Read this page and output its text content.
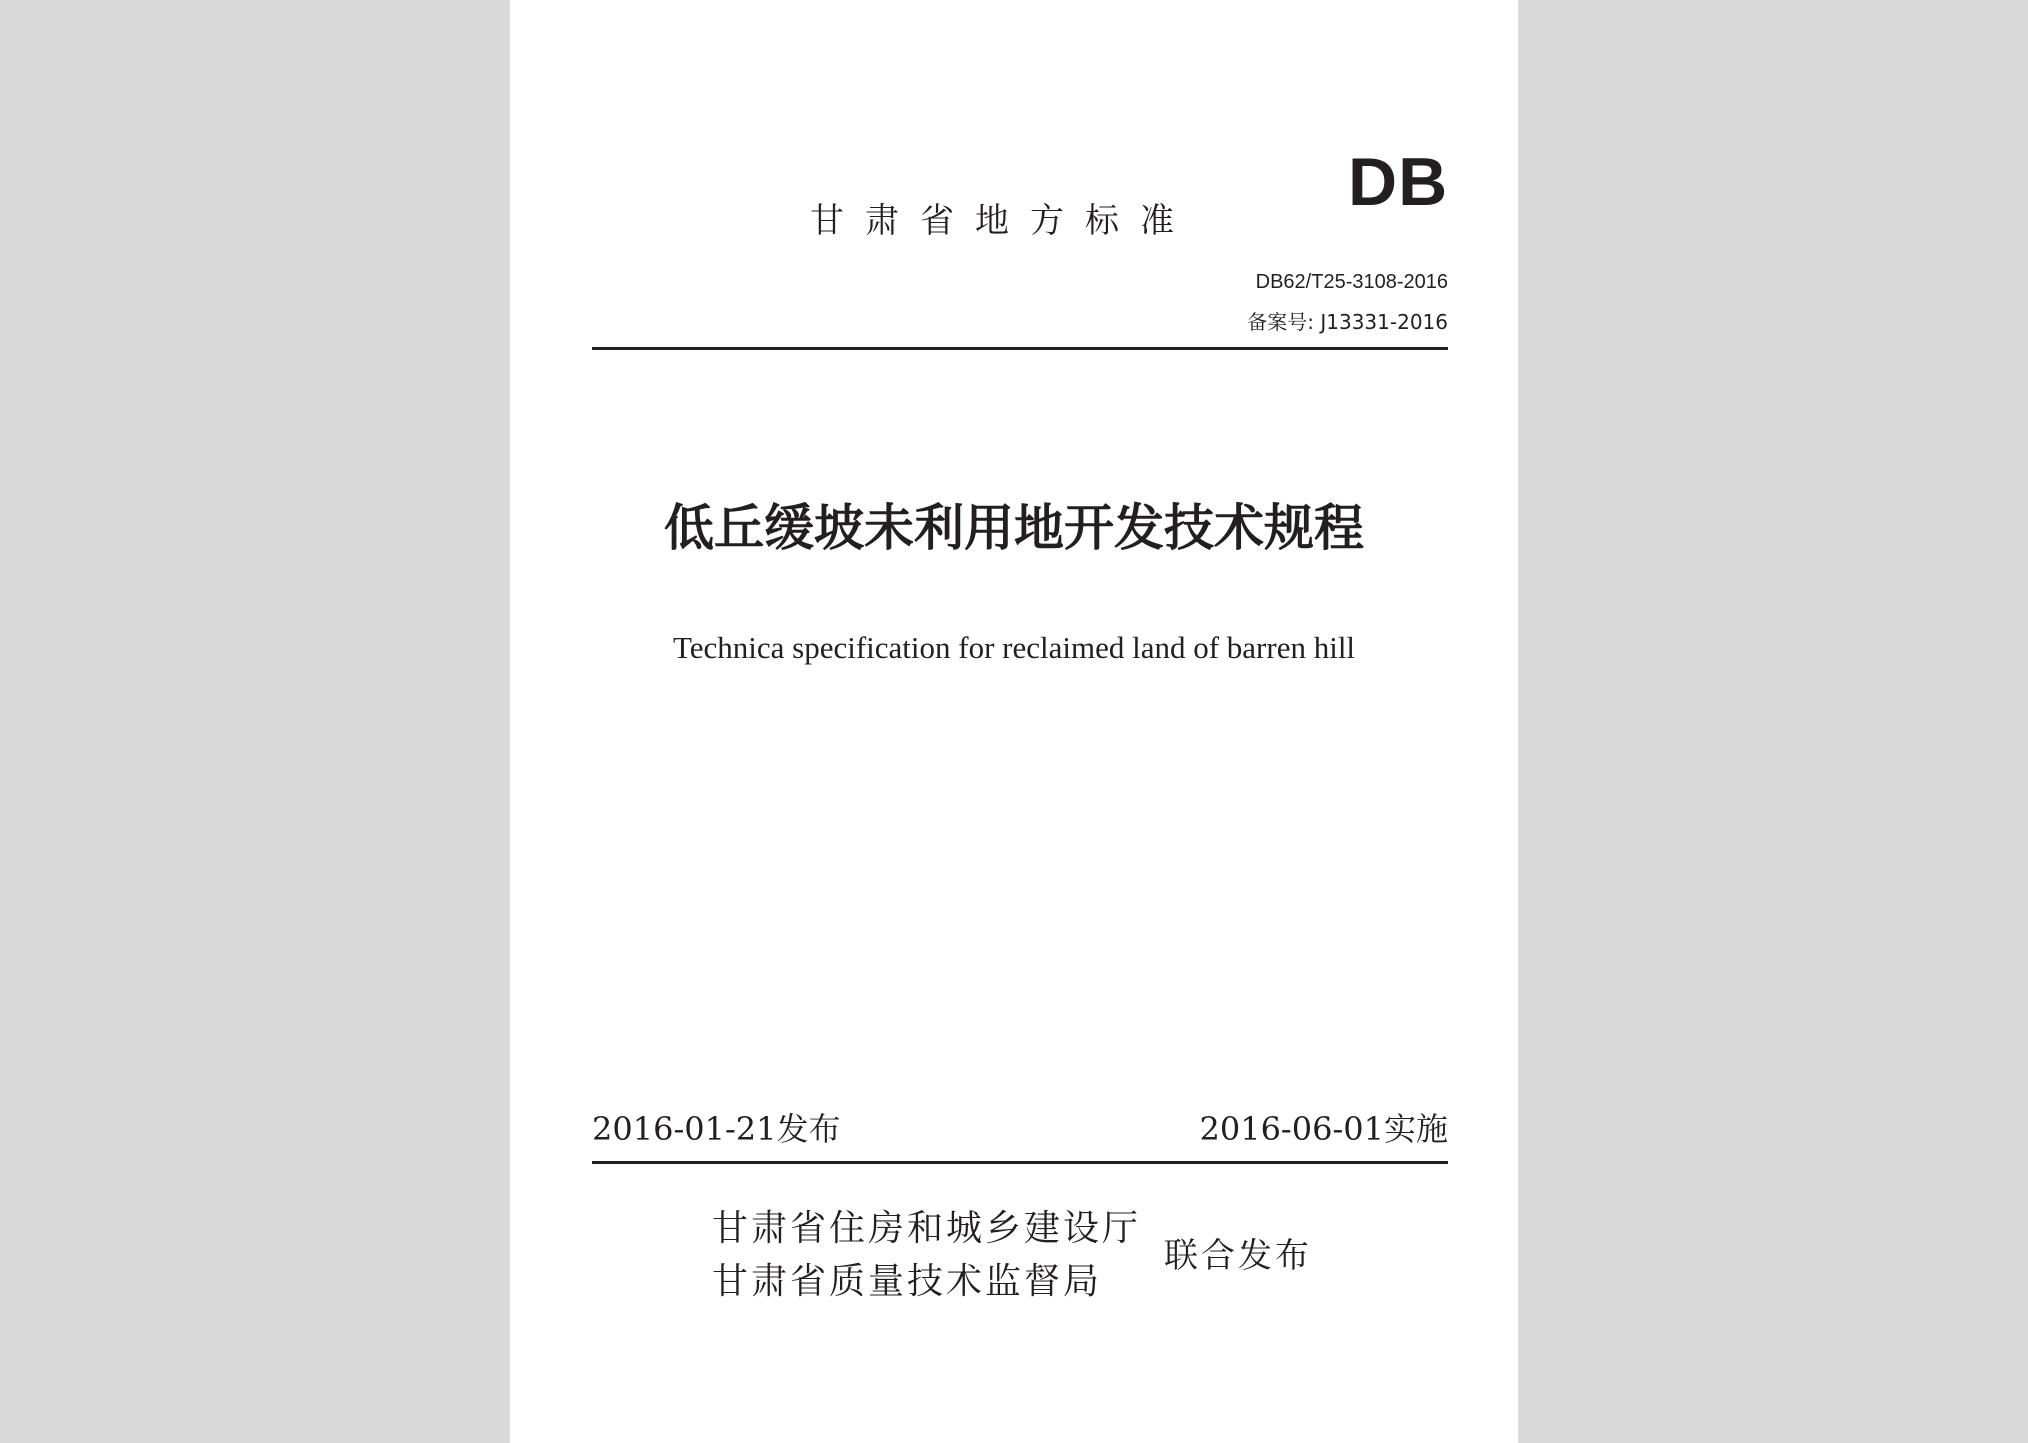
DB
甘肃省地方标准
DB62/T25-3108-2016
备案号: J13331-2016
低丘缓坡未利用地开发技术规程
Technica specification for reclaimed land of barren hill
2016-01-21发布	2016-06-01实施
甘肃省住房和城乡建设厅
甘肃省质量技术监督局
联合发布
